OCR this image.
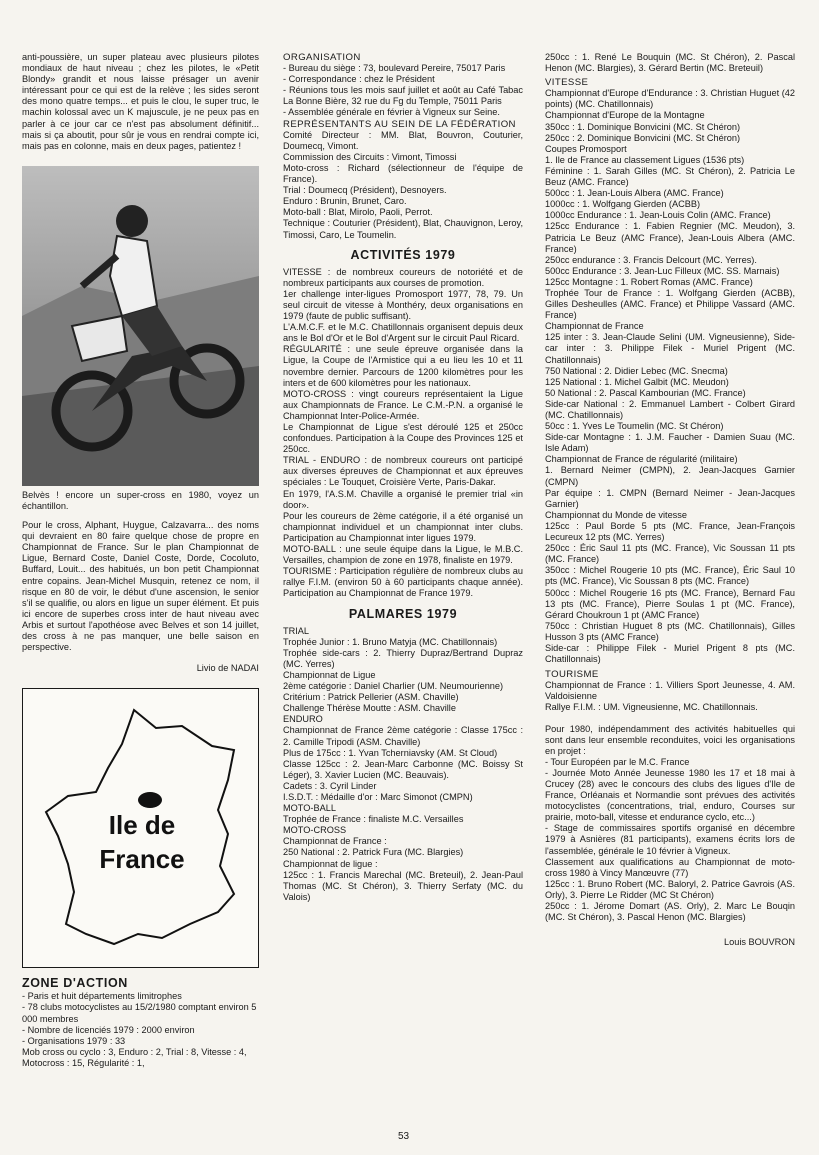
anti-poussière, un super plateau avec plusieurs pilotes mondiaux de haut niveau ; chez les pilotes, le «Petit Blondy» grandit et nous laisse présager un avenir intéressant pour ce qui est de la relève ; les sides seront des mono quatre temps... et puis le clou, le super truc, le machin kolossal avec un K majuscule, je ne peux pas en parler à ce jour car ce n'est pas absolument définitif... mais si ça aboutit, pour sûr je vous en rendrai compte ici, mais pas en colonne, mais en deux pages, patientez !

Belvès ! encore un super-cross en 1980, voyez un échantillon.

Pour le cross, Alphant, Huygue, Calzavarra... des noms qui devraient en 80 faire quelque chose de propre en Championnat de France. Sur le plan Championnat de Ligue, Bernard Coste, Daniel Coste, Dorde, Cocoluto, Buffard, Louit... des habitués, un bon petit Championnat entre copains. Jean-Michel Musquin, retenez ce nom, il risque en 80 de voir, le début d'une ascension, le senior s'il se qualifie, ou alors en ligue un super élément. Et puis ici encore de superbes cross inter de haut niveau avec Arbis et surtout l'apothéose avec Belves et son 14 juillet, des cross à ne pas manquer, une belle saison en perspective.

Livio de NADAI

Ile de
France

ZONE D'ACTION

- Paris et huit départements limitrophes
- 78 clubs motocyclistes au 15/2/1980 comptant environ 5 000 membres
- Nombre de licenciés 1979 : 2000 environ
- Organisations 1979 : 33
Mob cross ou cyclo : 3, Enduro : 2, Trial : 8, Vitesse : 4, Motocross : 15, Régularité : 1,

ORGANISATION

- Bureau du siège : 73, boulevard Pereire, 75017 Paris

- Correspondance : chez le Président

- Réunions tous les mois sauf juillet et août au Café Tabac La Bonne Bière, 32 rue du Fg du Temple, 75011 Paris

- Assemblée générale en février à Vigneux sur Seine.

REPRÉSENTANTS AU SEIN DE LA FÉDÉRATION

Comité Directeur : MM. Blat, Bouvron, Couturier, Doumecq, Vimont.

Commission des Circuits : Vimont, Timossi

Moto-cross : Richard (sélectionneur de l'équipe de France).

Trial : Doumecq (Président), Desnoyers.

Enduro : Brunin, Brunet, Caro.

Moto-ball : Blat, Mirolo, Paoli, Perrot.

Technique : Couturier (Président), Blat, Chauvignon, Leroy, Timossi, Caro, Le Toumelin.

ACTIVITÉS 1979

VITESSE : de nombreux coureurs de notoriété et de nombreux participants aux courses de promotion.

1er challenge inter-ligues Promosport 1977, 78, 79. Un seul circuit de vitesse à Monthéry, deux organisations en 1979 (faute de public suffisant).

L'A.M.C.F. et le M.C. Chatillonnais organisent depuis deux ans le Bol d'Or et le Bol d'Argent sur le circuit Paul Ricard.

RÉGULARITÉ : une seule épreuve organisée dans la Ligue, la Coupe de l'Armistice qui a eu lieu les 10 et 11 novembre dernier. Parcours de 1200 kilomètres pour les inters et de 600 kilomètres pour les nationaux.

MOTO-CROSS : vingt coureurs représentaient la Ligue aux Championnats de France. Le C.M.-P.N. a organisé le Championnat Inter-Police-Armée.

Le Championnat de Ligue s'est déroulé 125 et 250cc confondues. Participation à la Coupe des Provinces 125 et 250cc.

TRIAL - ENDURO : de nombreux coureurs ont participé aux diverses épreuves de Championnat et aux épreuves spéciales : Le Touquet, Croisière Verte, Paris-Dakar.

En 1979, l'A.S.M. Chaville a organisé le premier trial «in door».

Pour les coureurs de 2ème catégorie, il a été organisé un championnat individuel et un championnat inter clubs. Participation au Championnat inter ligues 1979.

MOTO-BALL : une seule équipe dans la Ligue, le M.B.C. Versailles, champion de zone en 1978, finaliste en 1979.

TOURISME : Participation régulière de nombreux clubs au rallye F.I.M. (environ 50 à 60 participants chaque année). Participation au Championnat de France 1979.

PALMARES 1979

TRIAL

Trophée Junior : 1. Bruno Matyja (MC. Chatillonnais)

Trophée side-cars : 2. Thierry Dupraz/Bertrand Dupraz (MC. Yerres)

Championnat de Ligue

2ème catégorie : Daniel Charlier (UM. Neumourienne)

Critérium : Patrick Pellerier (ASM. Chaville)

Challenge Thérèse Moutte : ASM. Chaville

ENDURO

Championnat de France 2ème catégorie : Classe 175cc : 2. Camille Tripodi (ASM. Chaville)

Plus de 175cc : 1. Yvan Tcherniavsky (AM. St Cloud)

Classe 125cc : 2. Jean-Marc Carbonne (MC. Boissy St Léger), 3. Xavier Lucien (MC. Beauvais).

Cadets : 3. Cyril Linder

I.S.D.T. : Médaille d'or : Marc Simonot (CMPN)

MOTO-BALL

Trophée de France : finaliste M.C. Versailles

MOTO-CROSS

Championnat de France :

250 National : 2. Patrick Fura (MC. Blargies)

Championnat de ligue :

125cc : 1. Francis Marechal (MC. Breteuil), 2. Jean-Paul Thomas (MC. St Chéron), 3. Thierry Serfaty (MC. du Valois)

250cc : 1. René Le Bouquin (MC. St Chéron), 2. Pascal Henon (MC. Blargies), 3. Gérard Bertin (MC. Breteuil)

VITESSE

Championnat d'Europe d'Endurance : 3. Christian Huguet (42 points) (MC. Chatillonnais)

Championnat d'Europe de la Montagne

350cc : 1. Dominique Bonvicini (MC. St Chéron)

250cc : 2. Dominique Bonvicini (MC. St Chéron)

Coupes Promosport

1. Ile de France au classement Ligues (1536 pts)

Féminine : 1. Sarah Gilles (MC. St Chéron), 2. Patricia Le Beuz (AMC. France)

500cc : 1. Jean-Louis Albera (AMC. France)

1000cc : 1. Wolfgang Gierden (ACBB)

1000cc Endurance : 1. Jean-Louis Colin (AMC. France)

125cc Endurance : 1. Fabien Regnier (MC. Meudon), 3. Patricia Le Beuz (AMC France), Jean-Louis Albera (AMC. France)

250cc endurance : 3. Francis Delcourt (MC. Yerres).

500cc Endurance : 3. Jean-Luc Filleux (MC. SS. Marnais)

125cc Montagne : 1. Robert Romas (AMC. France)

Trophée Tour de France : 1. Wolfgang Gierden (ACBB), Gilles Desheulles (AMC. France) et Philippe Vassard (AMC. France)

Championnat de France

125 inter : 3. Jean-Claude Selini (UM. Vigneusienne), Side-car inter : 3. Philippe Filek - Muriel Prigent (MC. Chatillonnais)

750 National : 2. Didier Lebec (MC. Snecma)

125 National : 1. Michel Galbit (MC. Meudon)

50 National : 2. Pascal Kambourian (MC. France)

Side-car National : 2. Emmanuel Lambert - Colbert Girard (MC. Chatillonnais)

50cc : 1. Yves Le Toumelin (MC. St Chéron)

Side-car Montagne : 1. J.M. Faucher - Damien Suau (MC. Isle Adam)

Championnat de France de régularité (militaire)

1. Bernard Neimer (CMPN), 2. Jean-Jacques Garnier (CMPN)

Par équipe : 1. CMPN (Bernard Neimer - Jean-Jacques Garnier)

Championnat du Monde de vitesse

125cc : Paul Borde 5 pts (MC. France, Jean-François Lecureux 12 pts (MC. Yerres)

250cc : Éric Saul 11 pts (MC. France), Vic Soussan 11 pts (MC. France)

350cc : Michel Rougerie 10 pts (MC. France), Éric Saul 10 pts (MC. France), Vic Soussan 8 pts (MC. France)

500cc : Michel Rougerie 16 pts (MC. France), Bernard Fau 13 pts (MC. France), Pierre Soulas 1 pt (MC. France), Gérard Choukroun 1 pt (AMC France)

750cc : Christian Huguet 8 pts (MC. Chatillonnais), Gilles Husson 3 pts (AMC France)

Side-car : Philippe Filek - Muriel Prigent 8 pts (MC. Chatillonnais)

TOURISME

Championnat de France : 1. Villiers Sport Jeunesse, 4. AM. Valdoisienne

Rallye F.I.M. : UM. Vigneusienne, MC. Chatillonnais.

Pour 1980, indépendamment des activités habituelles qui sont dans leur ensemble reconduites, voici les organisations en projet :

- Tour Européen par le M.C. France

- Journée Moto Année Jeunesse 1980 les 17 et 18 mai à Crucey (28) avec le concours des clubs des ligues d'Ile de France, Orléanais et Normandie sont prévues des activités motocyclistes (concentrations, trial, enduro, Courses sur prairie, moto-ball, vitesse et endurance cyclo, etc...)

- Stage de commissaires sportifs organisé en décembre 1979 à Asnières (81 participants), examens écrits lors de l'assemblée, générale le 10 février à Vigneux.

Classement aux qualifications au Championnat de moto-cross 1980 à Vincy Manœuvre (77)

125cc : 1. Bruno Robert (MC. Baloryl, 2. Patrice Gavrois (AS. Orly), 3. Pierre Le Ridder (MC St Chéron)

250cc : 1. Jérome Domart (AS. Orly), 2. Marc Le Bouqin (MC. St Chéron), 3. Pascal Henon (MC. Blargies)

Louis BOUVRON

53
